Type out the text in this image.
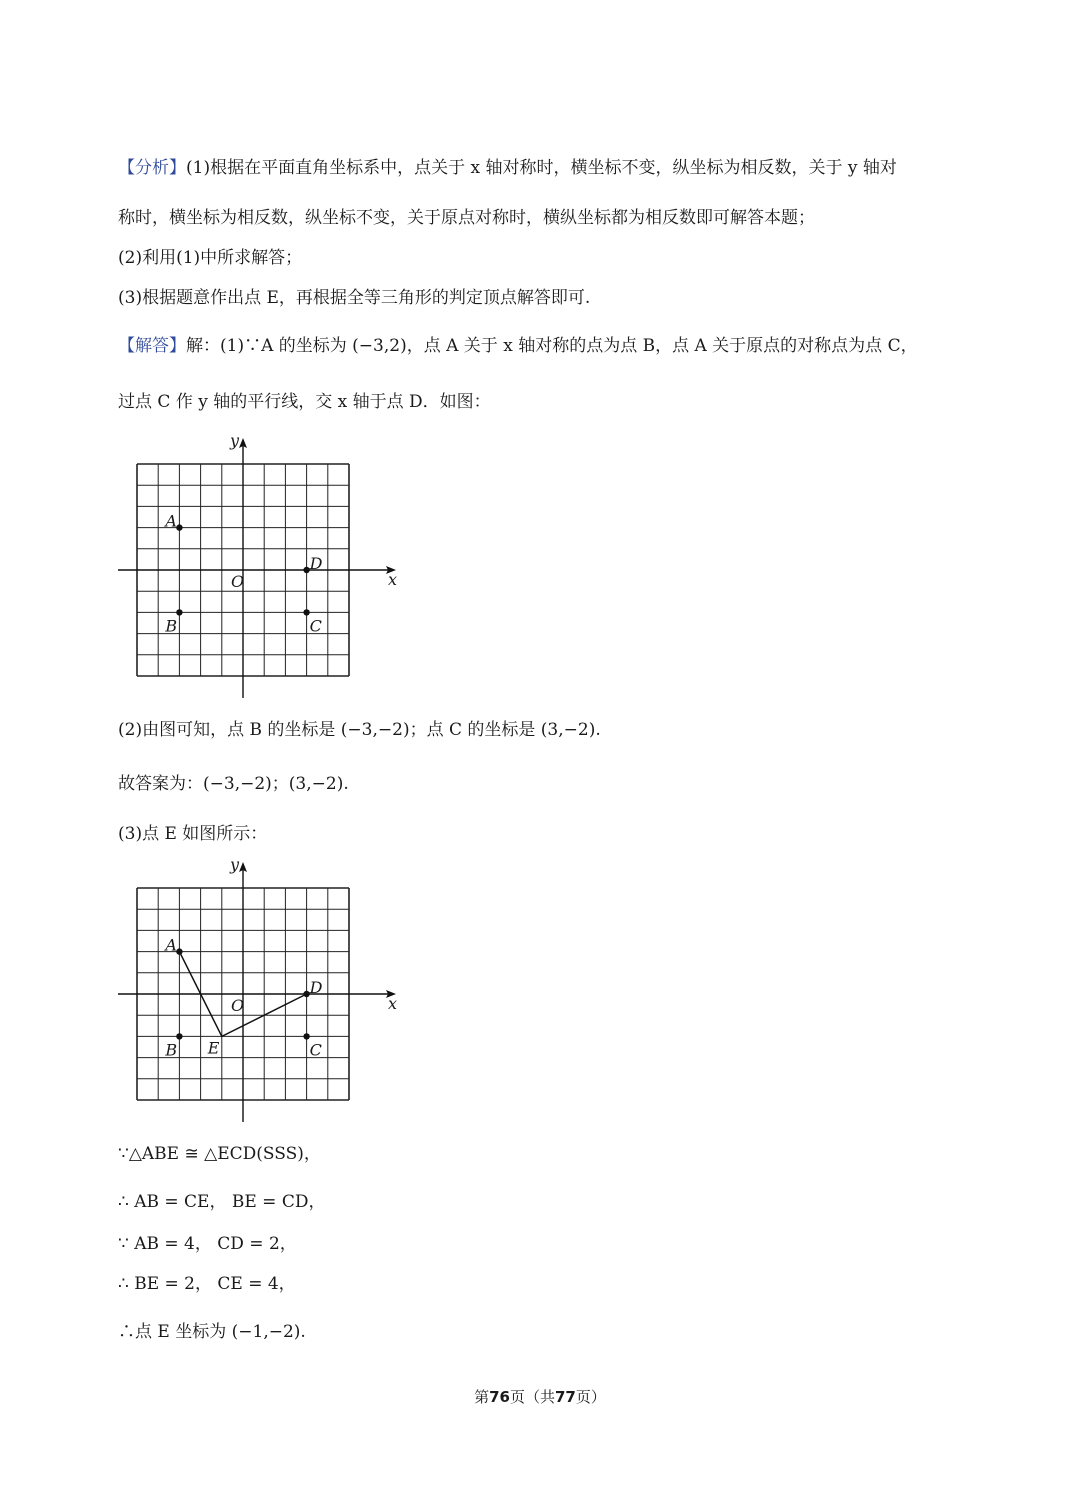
【分析】(1)根据在平面直角坐标系中，点关于 x 轴对称时，横坐标不变，纵坐标为相反数，关于 y 轴对
称时，横坐标为相反数，纵坐标不变，关于原点对称时，横纵坐标都为相反数即可解答本题；
(2)利用(1)中所求解答；
(3)根据题意作出点 E，再根据全等三角形的判定顶点解答即可.
【解答】解：(1)∵A 的坐标为 (−3,2)，点 A 关于 x 轴对称的点为点 B，点 A 关于原点的对称点为点 C，
过点 C 作 y 轴的平行线，交 x 轴于点 D．如图：
x
y
O
A
B	C
D
(2)由图可知，点 B 的坐标是 (−3,−2)；点 C 的坐标是 (3,−2).
故答案为：(−3,−2)；(3,−2).
(3)点 E 如图所示：
x
y
O
E
A
B	C
D
∵△ABE ≅ △ECD(SSS)，
∴ AB = CE， BE = CD，
∵ AB = 4， CD = 2，
∴ BE = 2， CE = 4，
∴点 E 坐标为 (−1,−2).
第76页（共77页）
